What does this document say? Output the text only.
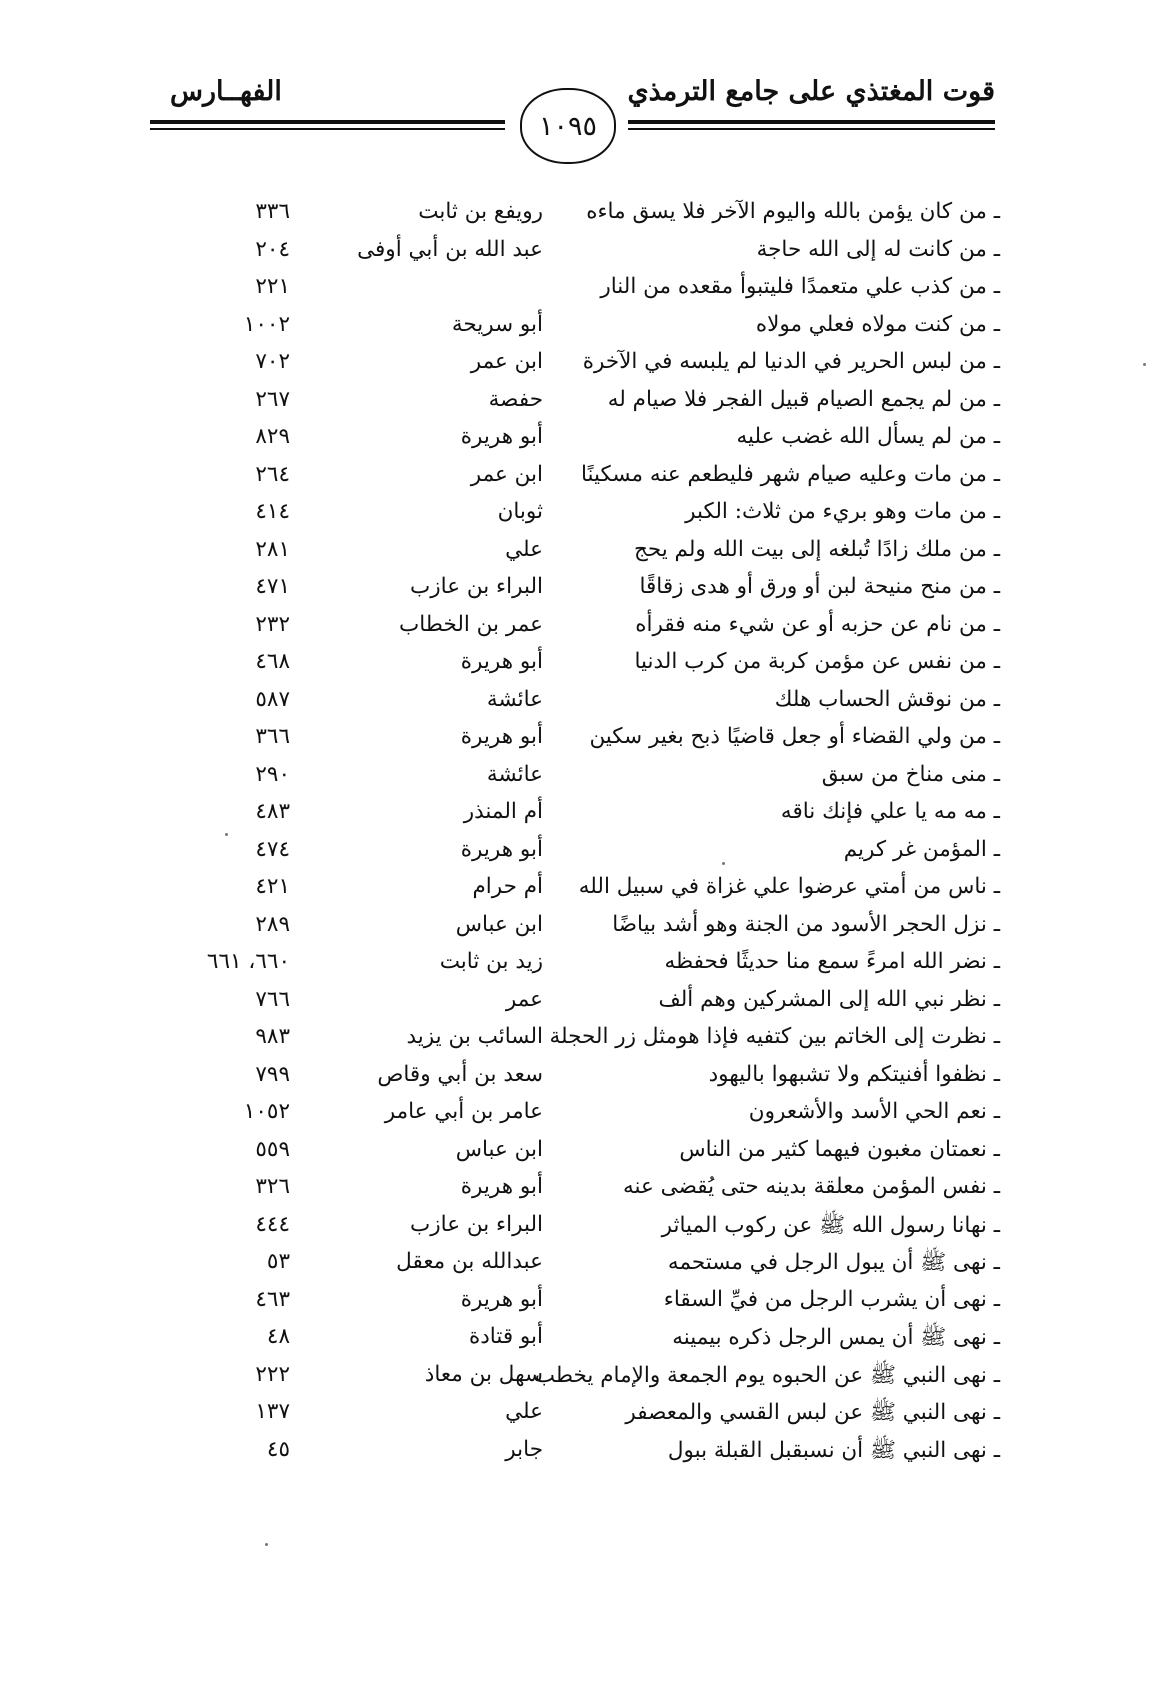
قوت المغتذي على جامع الترمذي
الفهــارس
١٠٩٥
ـ من كان يؤمن بالله واليوم الآخر فلا يسق ماءه
رويفع بن ثابت
٣٣٦
ـ من كانت له إلى الله حاجة
عبد الله بن أبي أوفى
٢٠٤
ـ من كذب علي متعمدًا فليتبوأ مقعده من النار
٢٢١
ـ من كنت مولاه فعلي مولاه
أبو سريحة
١٠٠٢
ـ من لبس الحرير في الدنيا لم يلبسه في الآخرة
ابن عمر
٧٠٢
ـ من لم يجمع الصيام قبيل الفجر فلا صيام له
حفصة
٢٦٧
ـ من لم يسأل الله غضب عليه
أبو هريرة
٨٢٩
ـ من مات وعليه صيام شهر فليطعم عنه مسكينًا
ابن عمر
٢٦٤
ـ من مات وهو بريء من ثلاث: الكبر
ثوبان
٤١٤
ـ من ملك زادًا تُبلغه إلى بيت الله ولم يحج
علي
٢٨١
ـ من منح منيحة لبن أو ورق أو هدى زقاقًا
البراء بن عازب
٤٧١
ـ من نام عن حزبه أو عن شيء منه فقرأه
عمر بن الخطاب
٢٣٢
ـ من نفس عن مؤمن كربة من كرب الدنيا
أبو هريرة
٤٦٨
ـ من نوقش الحساب هلك
عائشة
٥٨٧
ـ من ولي القضاء أو جعل قاضيًا ذبح بغير سكين
أبو هريرة
٣٦٦
ـ منى مناخ من سبق
عائشة
٢٩٠
ـ مه مه يا علي فإنك ناقه
أم المنذر
٤٨٣
ـ المؤمن غر كريم
أبو هريرة
٤٧٤
ـ ناس من أمتي عرضوا علي غزاة في سبيل الله
أم حرام
٤٢١
ـ نزل الحجر الأسود من الجنة وهو أشد بياضًا
ابن عباس
٢٨٩
ـ نضر الله امرءً سمع منا حديثًا فحفظه
زيد بن ثابت
٦٦٠، ٦٦١
ـ نظر نبي الله إلى المشركين وهم ألف
عمر
٧٦٦
ـ نظرت إلى الخاتم بين كتفيه فإذا هومثل زر الحجلة
السائب بن يزيد
٩٨٣
ـ نظفوا أفنيتكم ولا تشبهوا باليهود
سعد بن أبي وقاص
٧٩٩
ـ نعم الحي الأسد والأشعرون
عامر بن أبي عامر
١٠٥٢
ـ نعمتان مغبون فيهما كثير من الناس
ابن عباس
٥٥٩
ـ نفس المؤمن معلقة بدينه حتى يُقضى عنه
أبو هريرة
٣٢٦
ـ نهانا رسول الله ﷺ عن ركوب المياثر
البراء بن عازب
٤٤٤
ـ نهى ﷺ أن يبول الرجل في مستحمه
عبدالله بن معقل
٥٣
ـ نهى أن يشرب الرجل من فيِّ السقاء
أبو هريرة
٤٦٣
ـ نهى ﷺ أن يمس الرجل ذكره بيمينه
أبو قتادة
٤٨
ـ نهى النبي ﷺ عن الحبوه يوم الجمعة والإمام يخطب
سهل بن معاذ
٢٢٢
ـ نهى النبي ﷺ عن لبس القسي والمعصفر
علي
١٣٧
ـ نهى النبي ﷺ أن نسبقبل القبلة ببول
جابر
٤٥
